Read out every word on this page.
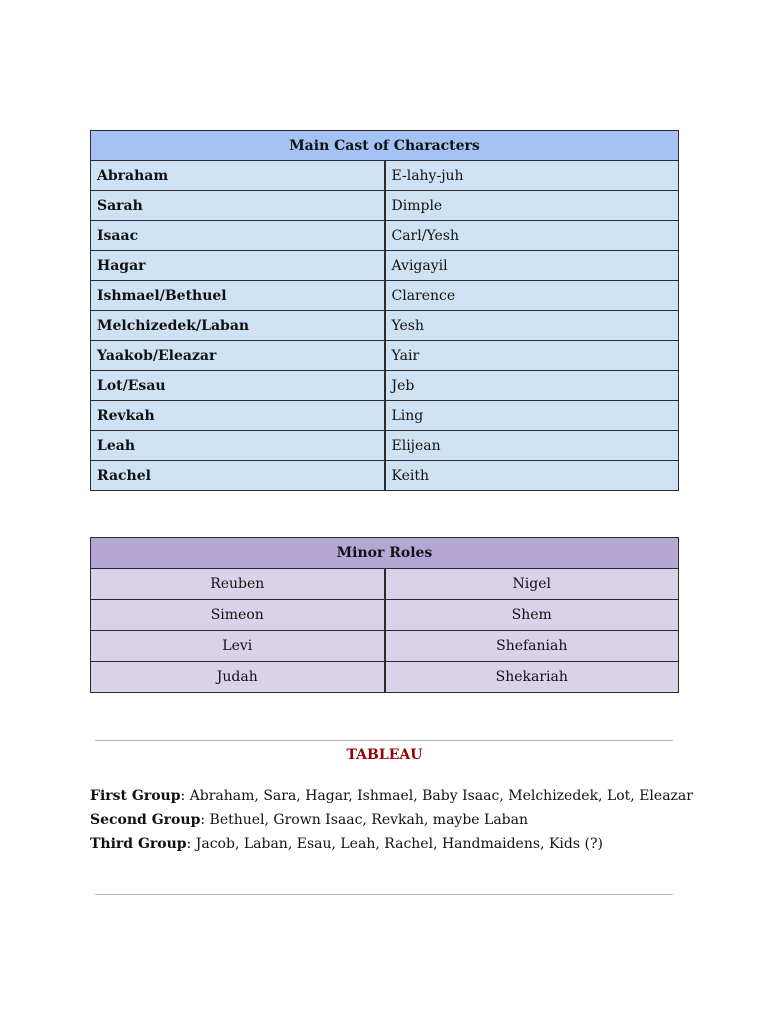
Main Cast of Characters	
Abraham	E-lahy-juh
Sarah	Dimple
Isaac	Carl/Yesh
Hagar	Avigayil
Ishmael/Bethuel	Clarence
Melchizedek/Laban	Yesh
Yaakob/Eleazar	Yair
Lot/Esau	Jeb
Revkah	Ling
Leah	Elijean
Rachel	Keith
Minor Roles	
Reuben	Nigel
Simeon	Shem
Levi	Shefaniah
Judah	Shekariah
TABLEAU
First Group: Abraham, Sara, Hagar, Ishmael, Baby Isaac, Melchizedek, Lot, Eleazar
Second Group: Bethuel, Grown Isaac, Revkah, maybe Laban
Third Group: Jacob, Laban, Esau, Leah, Rachel, Handmaidens, Kids (?)
